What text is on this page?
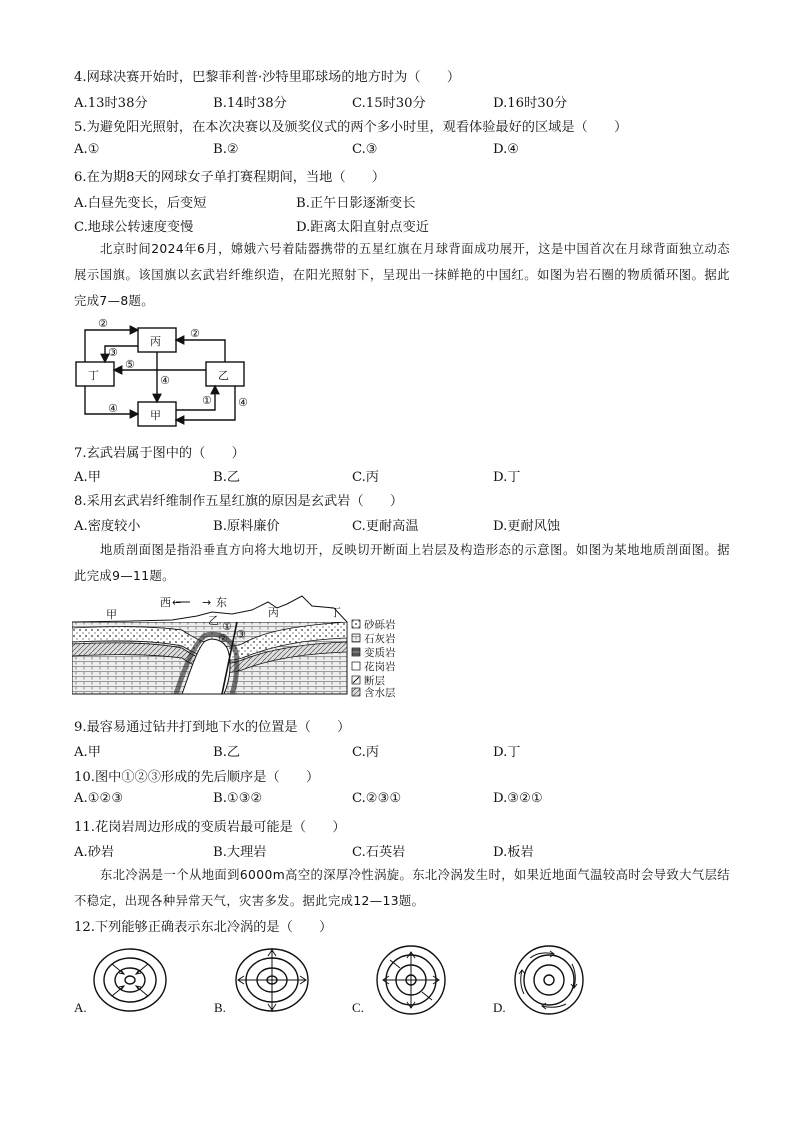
4.网球决赛开始时，巴黎菲利普·沙特里耶球场的地方时为（　　）
A.13时38分	B.14时38分	C.15时30分	D.16时30分
5.为避免阳光照射，在本次决赛以及颁奖仪式的两个多小时里，观看体验最好的区域是（　　）
A.①	B.②	C.③	D.④
6.在为期8天的网球女子单打赛程期间，当地（　　）
A.白昼先变长，后变短	B.正午日影逐渐变长
C.地球公转速度变慢	D.距离太阳直射点变近
北京时间2024年6月，嫦娥六号着陆器携带的五星红旗在月球背面成功展开，这是中国首次在月球背面独立动态展示国旗。该国旗以玄武岩纤维织造，在阳光照射下，呈现出一抹鲜艳的中国红。如图为岩石圈的物质循环图。据此完成7—8题。
丙
丁	乙
甲
②
③
②
⑤
④
④
① ④
7.玄武岩属于图中的（　　）
A.甲	B.乙	C.丙	D.丁
8.采用玄武岩纤维制作五星红旗的原因是玄武岩（　　）
A.密度较小	B.原料廉价	C.更耐高温	D.更耐风蚀
地质剖面图是指沿垂直方向将大地切开，反映切开断面上岩层及构造形态的示意图。如图为某地地质剖面图。据此完成9—11题。
西 ← → 东
甲	乙
丙	丁
①
② ③
砂砾岩
石灰岩
变质岩
花岗岩
断层
含水层
9.最容易通过钻井打到地下水的位置是（　　）
A.甲	B.乙	C.丙	D.丁
10.图中①②③形成的先后顺序是（　　）
A.①②③	B.①③②	C.②③①	D.③②①
11.花岗岩周边形成的变质岩最可能是（　　）
A.砂岩	B.大理岩	C.石英岩	D.板岩
东北冷涡是一个从地面到6000m高空的深厚冷性涡旋。东北冷涡发生时，如果近地面气温较高时会导致大气层结不稳定，出现各种异常天气，灾害多发。据此完成12—13题。
12.下列能够正确表示东北冷涡的是（　　）
A.	B.	C.	D.
